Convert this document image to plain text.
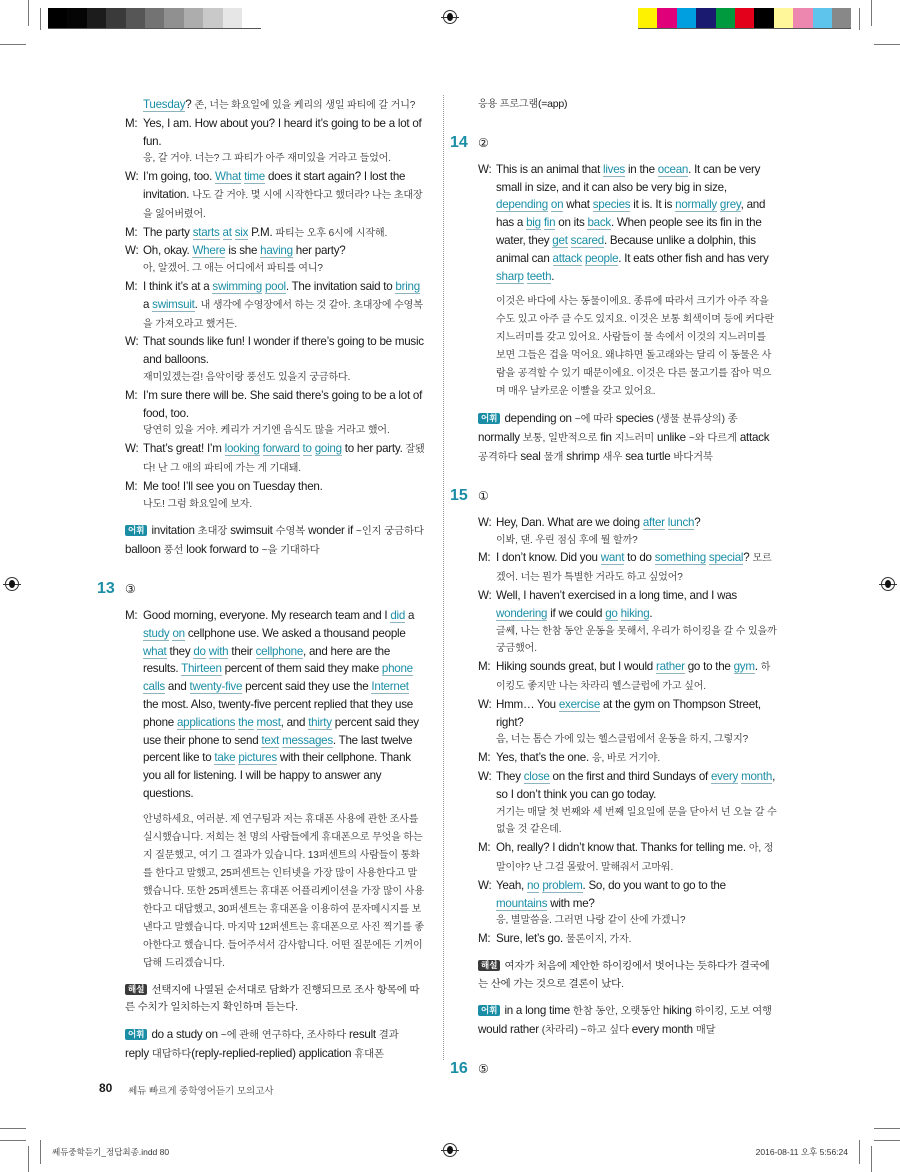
Tuesday? 존, 너는 화요일에 있을 케리의 생일 파티에 갈 거니?
M: Yes, I am. How about you? I heard it’s going to be a lot of fun.
응, 갈 거야. 너는? 그 파티가 아주 재미있을 거라고 들었어.
W: I’m going, too. What time does it start again? I lost the invitation. 나도 갈 거야. 몇 시에 시작한다고 했더라? 나는 초대장을 잃어버렸어.
M: The party starts at six P.M. 파티는 오후 6시에 시작해.
W: Oh, okay. Where is she having her party?
아, 알겠어. 그 애는 어디에서 파티를 여니?
M: I think it’s at a swimming pool. The invitation said to bring a swimsuit. 내 생각에 수영장에서 하는 것 같아. 초대장에 수영복을 가져오라고 했거든.
W: That sounds like fun! I wonder if there’s going to be music and balloons.
재미있겠는걸! 음악이랑 풍선도 있을지 궁금하다.
M: I’m sure there will be. She said there’s going to be a lot of food, too.
당연히 있을 거야. 케리가 거기엔 음식도 많을 거라고 했어.
W: That’s great! I’m looking forward to going to her party. 잘됐다! 난 그 애의 파티에 가는 게 기대돼.
M: Me too! I’ll see you on Tuesday then.
나도! 그럼 화요일에 보자.
어휘 invitation 초대장 swimsuit 수영복 wonder if ~인지 궁금하다 balloon 풍선 look forward to ~을 기대하다
13 ③
M: Good morning, everyone. My research team and I did a study on cellphone use. We asked a thousand people what they do with their cellphone, and here are the results. Thirteen percent of them said they make phone calls and twenty-five percent said they use the Internet the most. Also, twenty-five percent replied that they use phone applications the most, and thirty percent said they use their phone to send text messages. The last twelve percent like to take pictures with their cellphone. Thank you all for listening. I will be happy to answer any questions.
안녕하세요, 여러분. 제 연구팀과 저는 휴대폰 사용에 관한 조사를 실시했습니다. 저희는 천 명의 사람들에게 휴대폰으로 무엇을 하는지 질문했고, 여기 그 결과가 있습니다. 13퍼센트의 사람들이 통화를 한다고 말했고, 25퍼센트는 인터넷을 가장 많이 사용한다고 말했습니다. 또한 25퍼센트는 휴대폰 어플리케이션을 가장 많이 사용한다고 대답했고, 30퍼센트는 휴대폰을 이용하여 문자메시지를 보낸다고 말했습니다. 마지막 12퍼센트는 휴대폰으로 사진 찍기를 좋아한다고 했습니다. 들어주셔서 감사합니다. 어떤 질문에든 기꺼이 답해 드리겠습니다.
해설 선택지에 나열된 순서대로 담화가 진행되므로 조사 항목에 따른 수치가 일치하는지 확인하며 듣는다.
어휘 do a study on ~에 관해 연구하다, 조사하다 result 결과 reply 대답하다(reply-replied-replied) application 휴대폰
응용 프로그램(=app)
14 ②
W: This is an animal that lives in the ocean. It can be very small in size, and it can also be very big in size, depending on what species it is. It is normally grey, and has a big fin on its back. When people see its fin in the water, they get scared. Because unlike a dolphin, this animal can attack people. It eats other fish and has very sharp teeth.
이것은 바다에 사는 동물이에요. 종류에 따라서 크기가 아주 작을 수도 있고 아주 클 수도 있지요. 이것은 보통 회색이며 등에 커다란 지느러미를 갖고 있어요. 사람들이 물 속에서 이것의 지느러미를 보면 그들은 겁을 먹어요. 왜냐하면 돌고래와는 달리 이 동물은 사람을 공격할 수 있기 때문이에요. 이것은 다른 물고기를 잡아 먹으며 매우 날카로운 이빨을 갖고 있어요.
어휘 depending on ~에 따라 species (생물 분류상의) 종 normally 보통, 일반적으로 fin 지느러미 unlike ~와 다르게 attack 공격하다 seal 물개 shrimp 새우 sea turtle 바다거북
15 ①
W: Hey, Dan. What are we doing after lunch?
이봐, 댄. 우린 점심 후에 뭘 할까?
M: I don’t know. Did you want to do something special? 모르겠어. 너는 뭔가 특별한 거라도 하고 싶었어?
W: Well, I haven’t exercised in a long time, and I was wondering if we could go hiking.
글쎄, 나는 한참 동안 운동을 못해서, 우리가 하이킹을 갈 수 있을까 궁금했어.
M: Hiking sounds great, but I would rather go to the gym. 하이킹도 좋지만 나는 차라리 헬스클럽에 가고 싶어.
W: Hmm… You exercise at the gym on Thompson Street, right?
음, 너는 톰슨 가에 있는 헬스클럽에서 운동을 하지, 그렇지?
M: Yes, that’s the one. 응, 바로 거기야.
W: They close on the first and third Sundays of every month, so I don’t think you can go today.
거기는 매달 첫 번째와 세 번째 일요일에 문을 닫아서 넌 오늘 갈 수 없을 것 같은데.
M: Oh, really? I didn’t know that. Thanks for telling me. 아, 정말이야? 난 그걸 몰랐어. 말해줘서 고마워.
W: Yeah, no problem. So, do you want to go to the mountains with me?
응, 별말씀을. 그러면 나랑 같이 산에 가겠니?
M: Sure, let’s go. 물론이지, 가자.
해설 여자가 처음에 제안한 하이킹에서 벗어나는 듯하다가 결국에는 산에 가는 것으로 결론이 났다.
어휘 in a long time 한참 동안, 오랫동안 hiking 하이킹, 도보 여행 would rather (차라리) ~하고 싶다 every month 매달
16 ⑤
80 쎄듀 빠르게 중학영어듣기 모의고사
쎄듀중학듣기_정답최종.indd 80	2016-08-11 오후 5:56:24
